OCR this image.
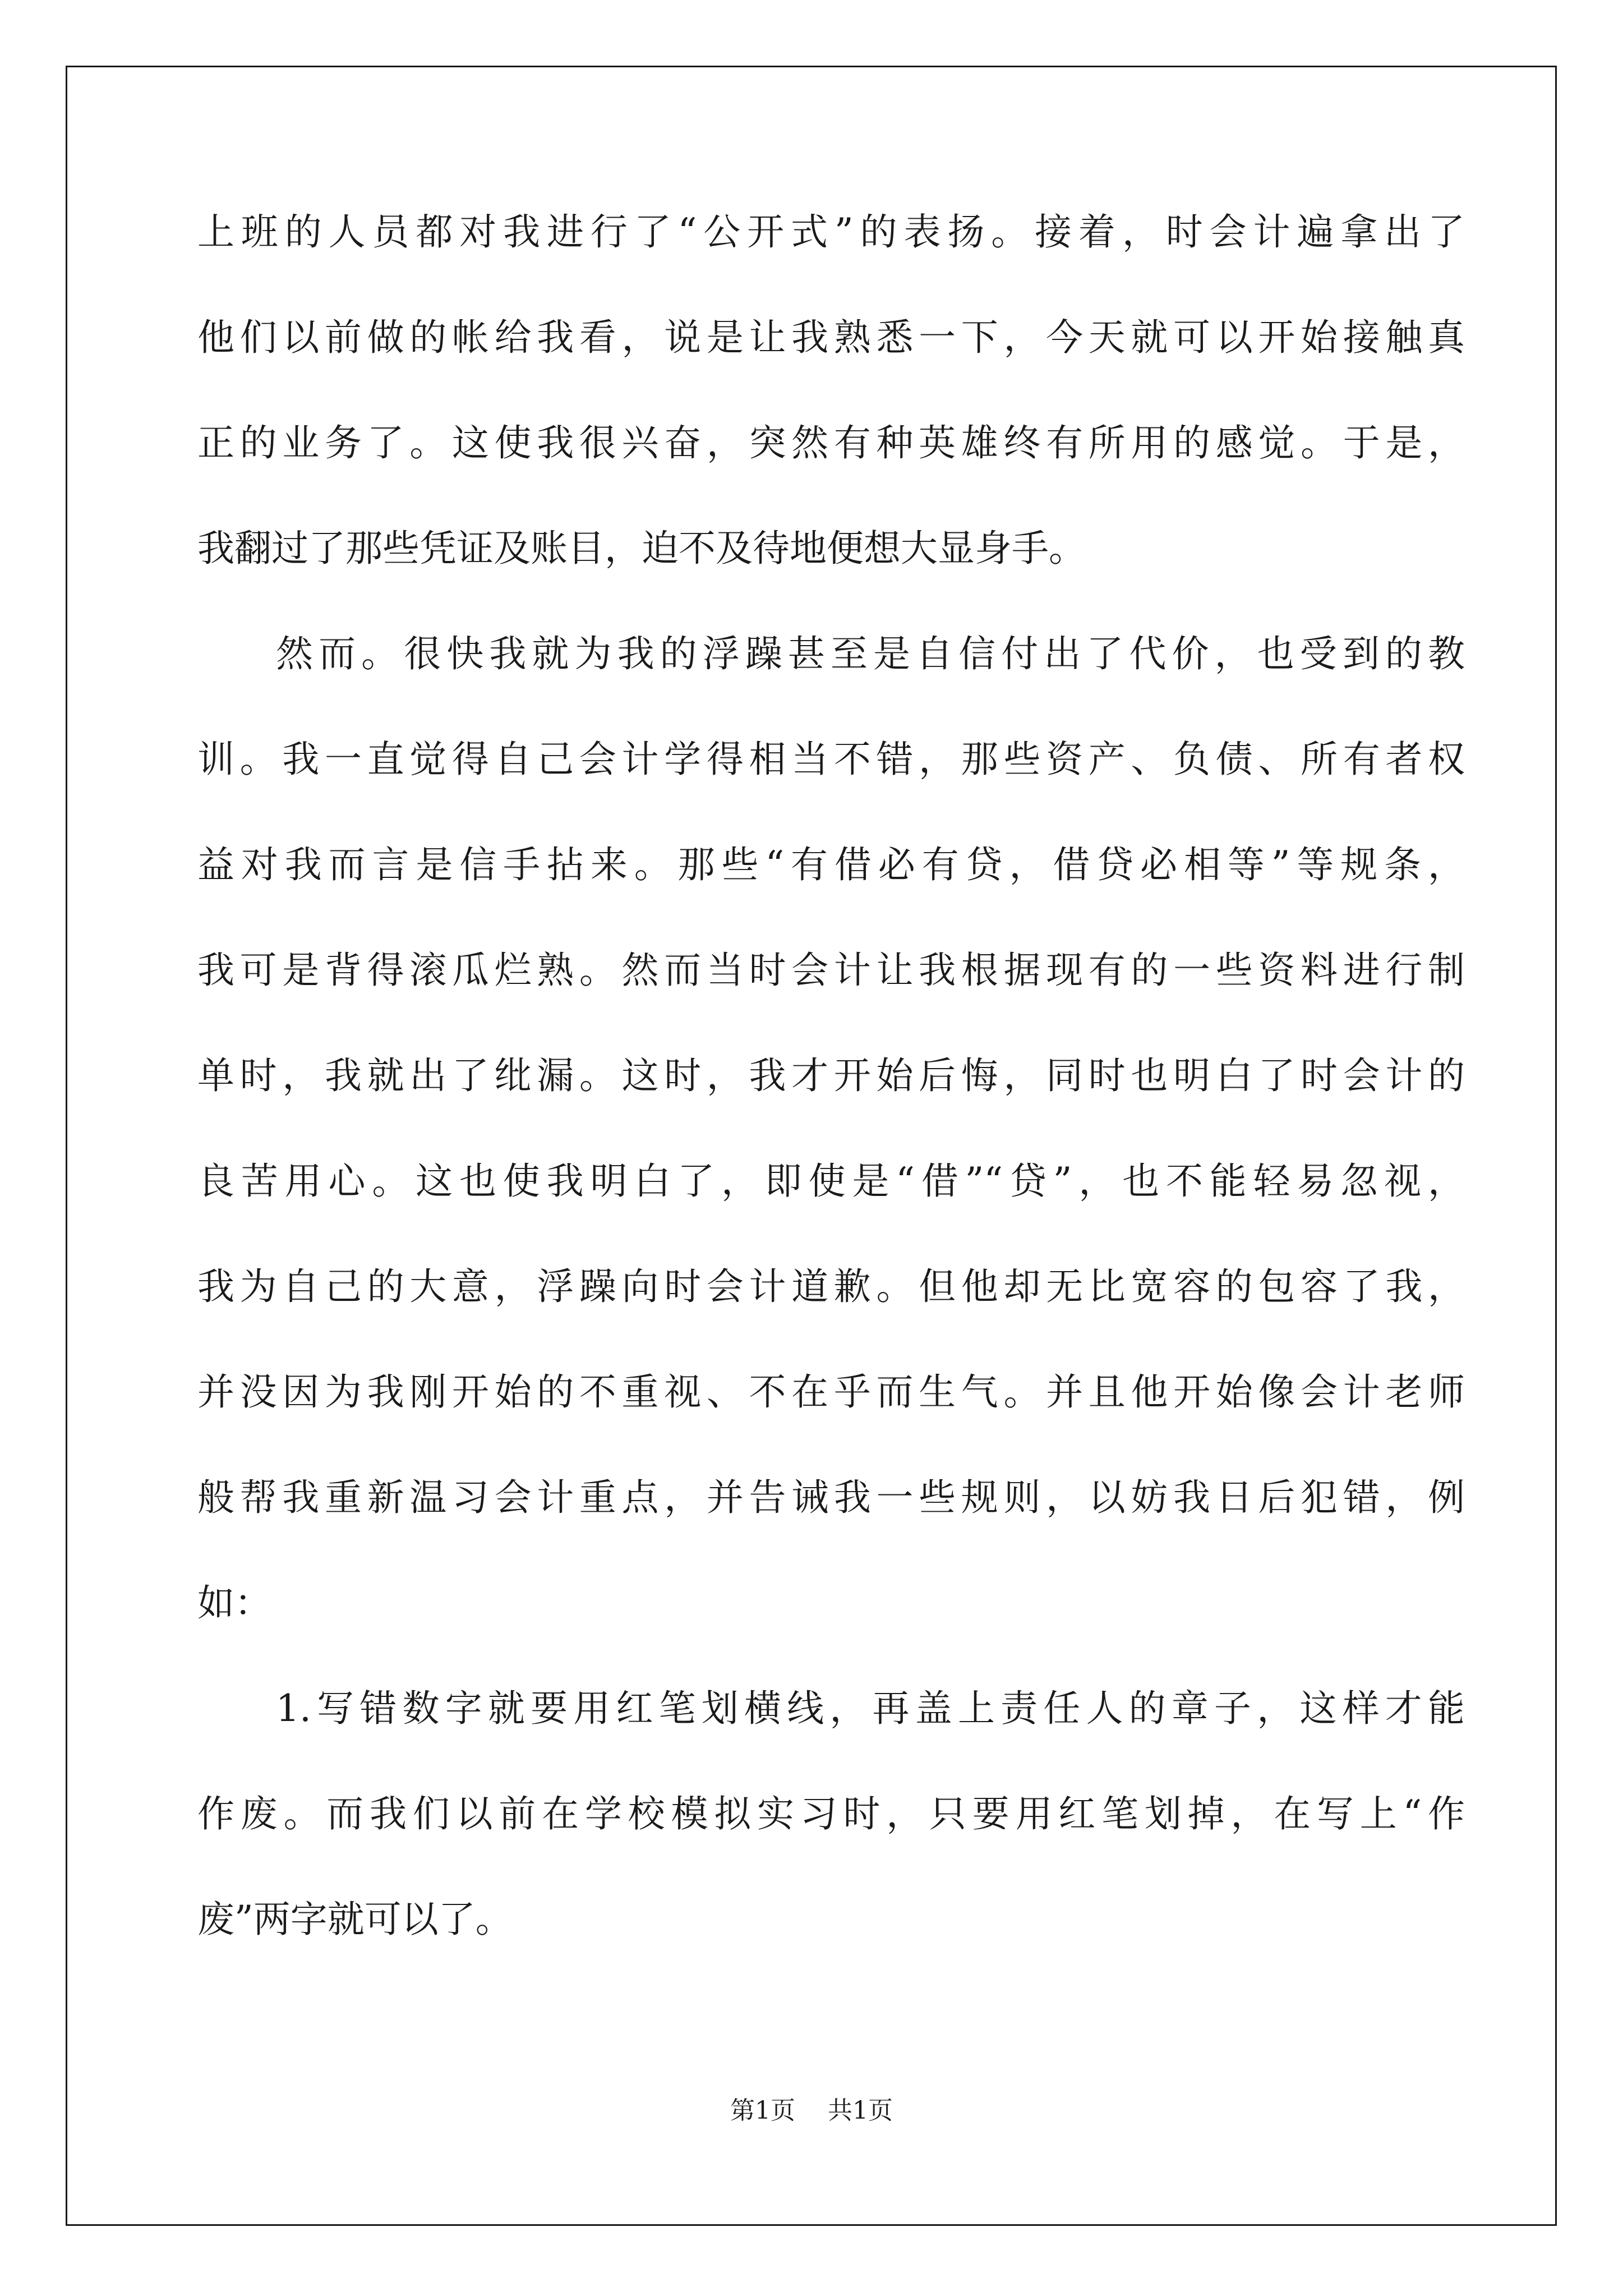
上班的人员都对我进行了“公开式”的表扬。接着，时会计遍拿出了
他们以前做的帐给我看，说是让我熟悉一下，今天就可以开始接触真
正的业务了。这使我很兴奋，突然有种英雄终有所用的感觉。于是，
我翻过了那些凭证及账目，迫不及待地便想大显身手。
然而。很快我就为我的浮躁甚至是自信付出了代价，也受到的教
训。我一直觉得自己会计学得相当不错，那些资产、负债、所有者权
益对我而言是信手拈来。那些“有借必有贷，借贷必相等”等规条，
我可是背得滚瓜烂熟。然而当时会计让我根据现有的一些资料进行制
单时，我就出了纰漏。这时，我才开始后悔，同时也明白了时会计的
良苦用心。这也使我明白了，即使是“借”“贷”，也不能轻易忽视，
我为自己的大意，浮躁向时会计道歉。但他却无比宽容的包容了我，
并没因为我刚开始的不重视、不在乎而生气。并且他开始像会计老师
般帮我重新温习会计重点，并告诫我一些规则，以妨我日后犯错，例
如：
1.写错数字就要用红笔划横线，再盖上责任人的章子，这样才能
作废。而我们以前在学校模拟实习时，只要用红笔划掉，在写上“作
废”两字就可以了。
第1页 共1页
